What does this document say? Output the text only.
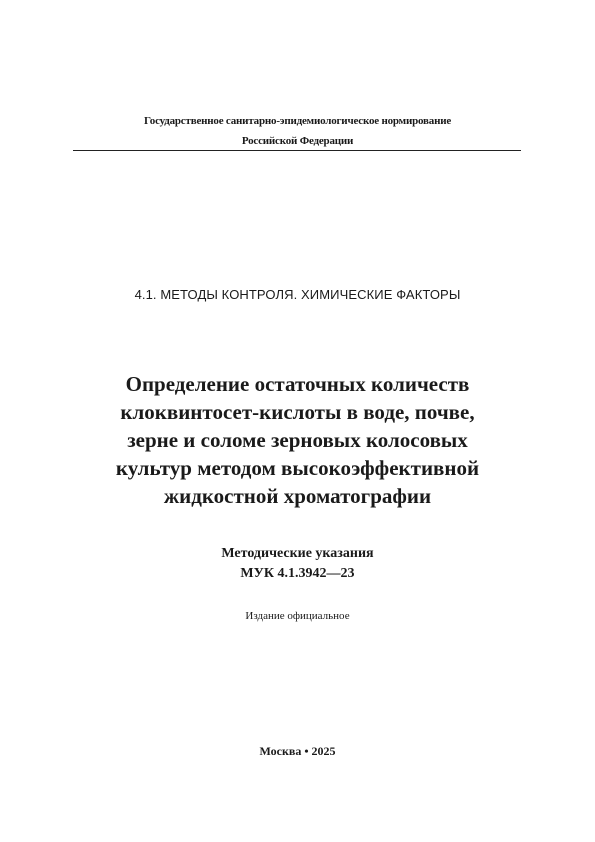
Государственное санитарно-эпидемиологическое нормирование
Российской Федерации
4.1. МЕТОДЫ КОНТРОЛЯ. ХИМИЧЕСКИЕ ФАКТОРЫ
Определение остаточных количеств
клоквинтосет-кислоты в воде, почве,
зерне и соломе зерновых колосовых
культур методом высокоэффективной
жидкостной хроматографии
Методические указания
МУК 4.1.3942—23
Издание официальное
Москва • 2025
